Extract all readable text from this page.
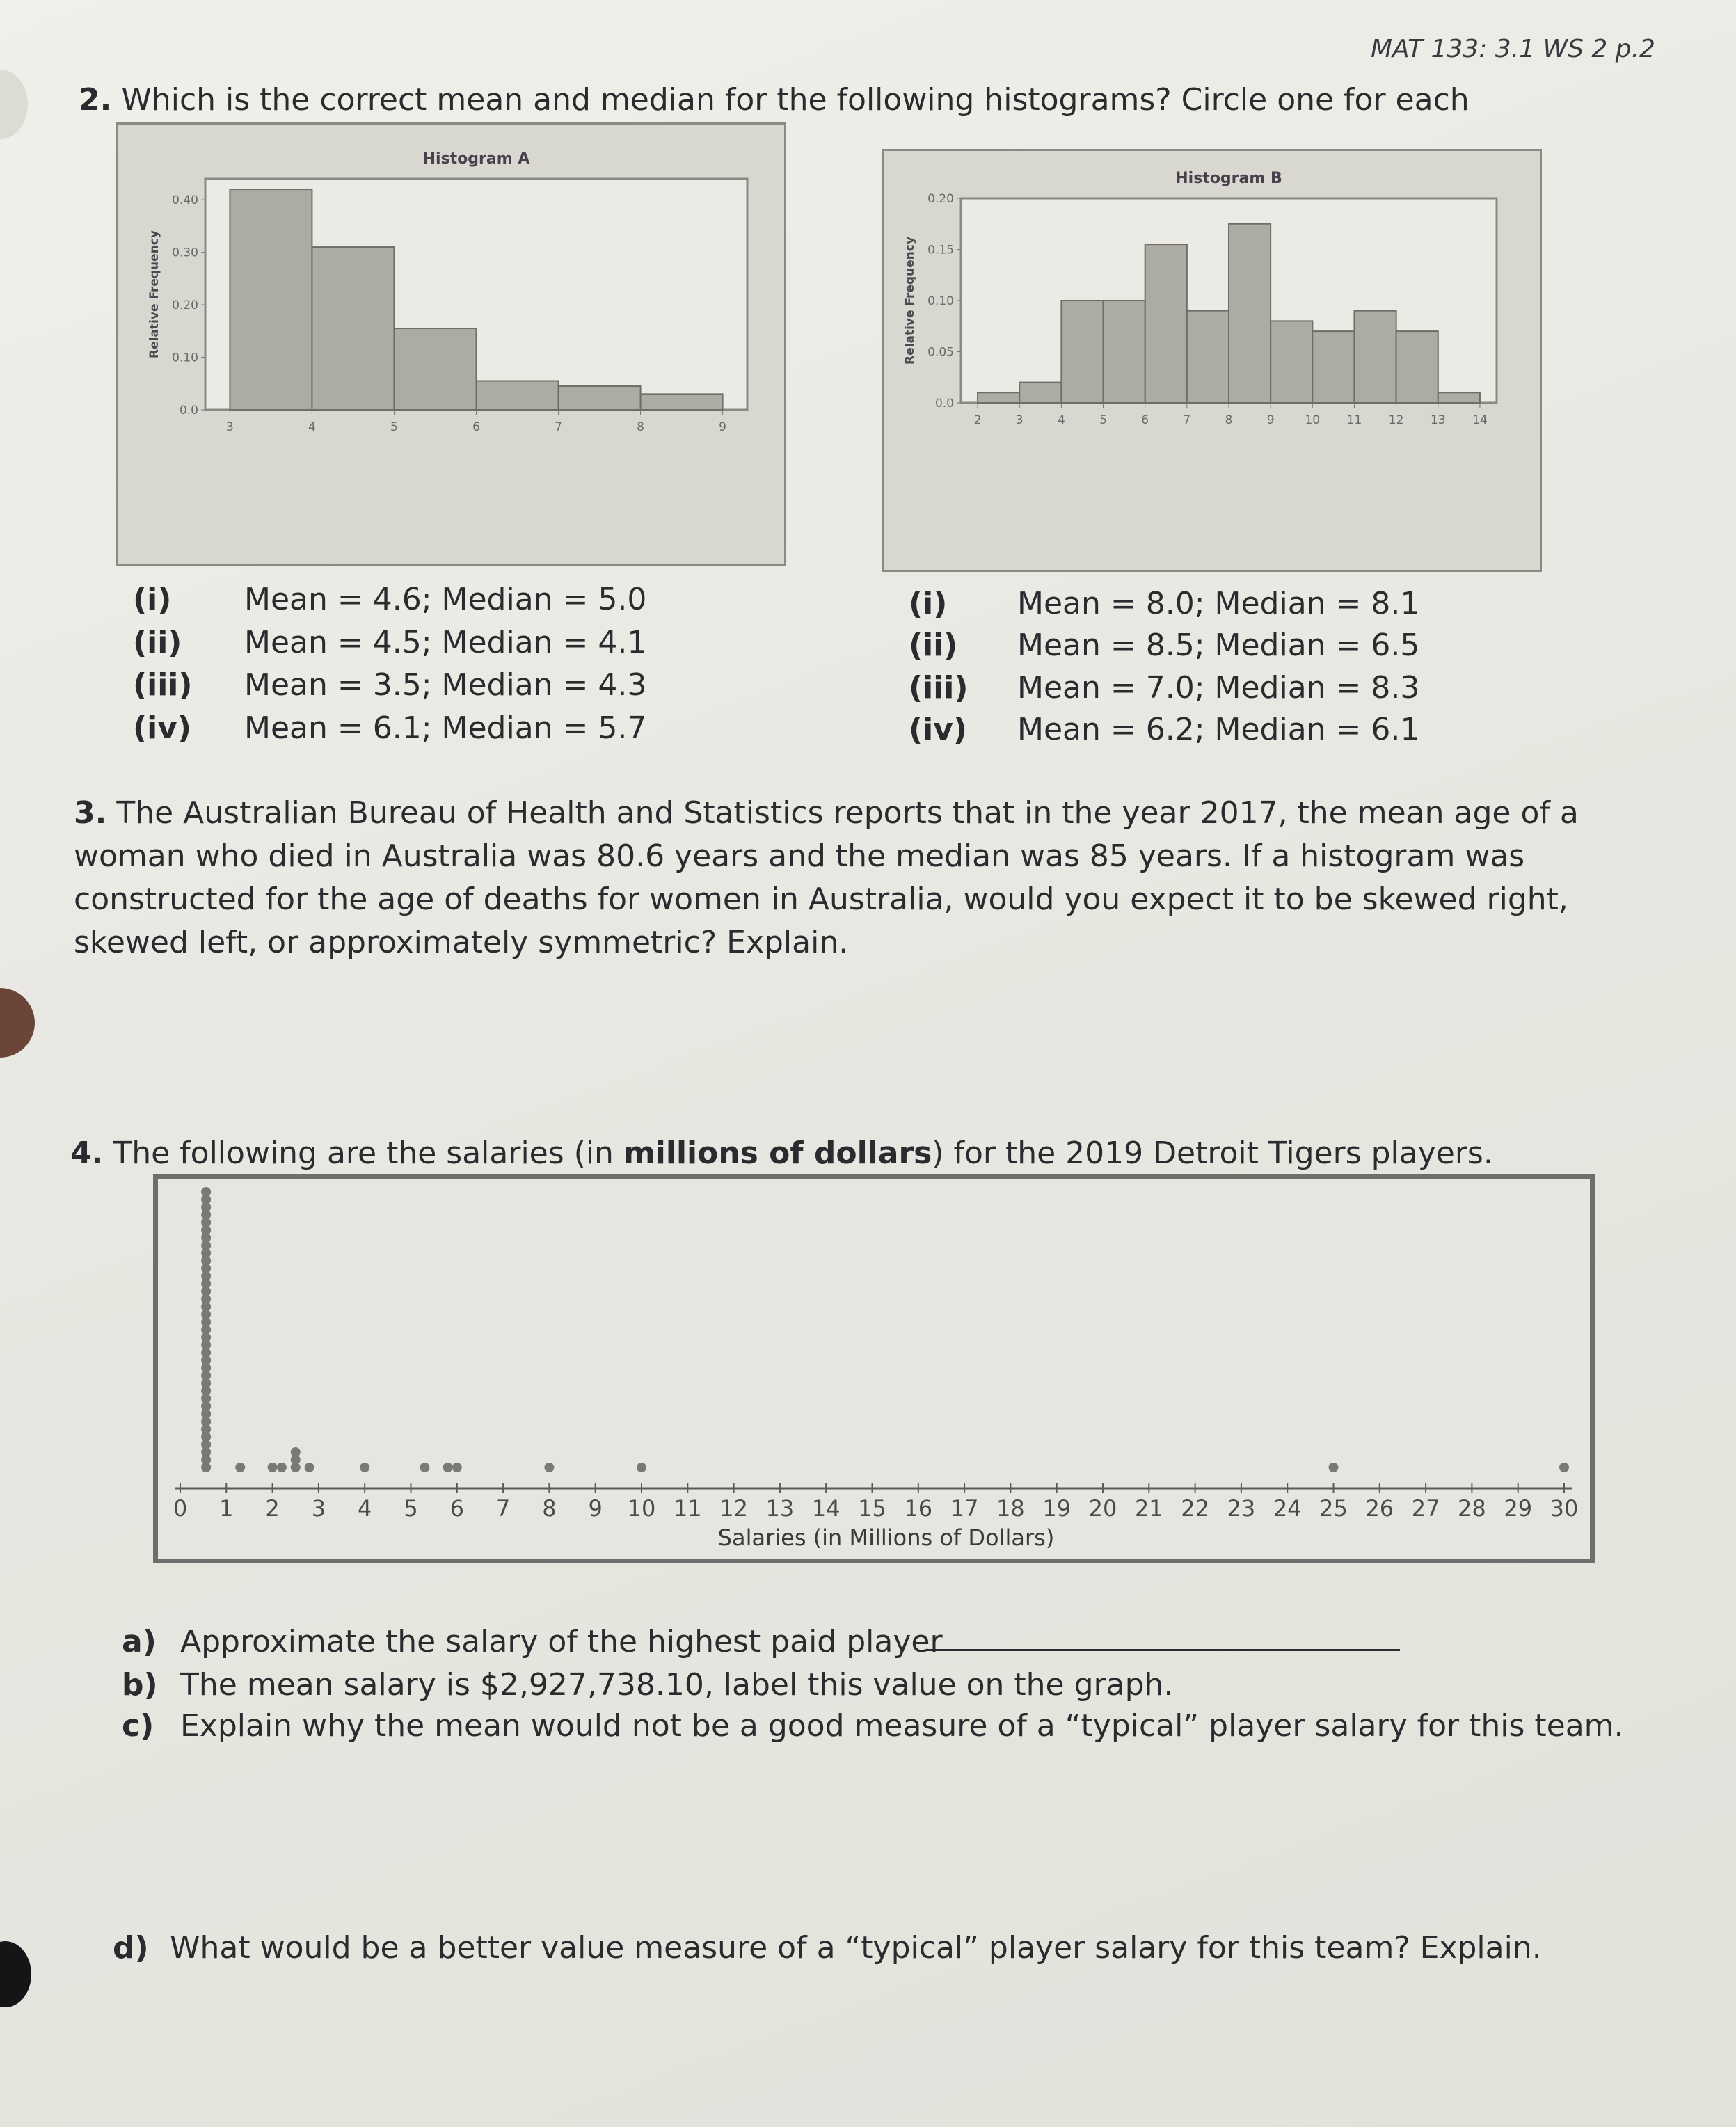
MAT 133: 3.1 WS 2 p.2
2. Which is the correct mean and median for the following histograms? Circle one for each
Histogram A
Relative Frequency
0.0
0.10
0.20
0.30
0.40
3	4	5	6	7	8	9
Histogram B
Relative Frequency
0.0
0.05
0.10
0.15
0.20
2	3	4	5	6	7	8	9	10 11 12 13 14
(i) Mean = 4.6; Median = 5.0
(ii) Mean = 4.5; Median = 4.1
(iii) Mean = 3.5; Median = 4.3
(iv) Mean = 6.1; Median = 5.7
(i) Mean = 8.0; Median = 8.1
(ii) Mean = 8.5; Median = 6.5
(iii) Mean = 7.0; Median = 8.3
(iv) Mean = 6.2; Median = 6.1
3. The Australian Bureau of Health and Statistics reports that in the year 2017, the mean age of a woman who died in Australia was 80.6 years and the median was 85 years. If a histogram was constructed for the age of deaths for women in Australia, would you expect it to be skewed right, skewed left, or approximately symmetric? Explain.
4. The following are the salaries (in millions of dollars) for the 2019 Detroit Tigers players.
0 1 2 3 4 5 6 7 8 9 10 11 12 13 14 15 16 17 18 19 20 21 22 23 24 25 26 27 28 29 30
Salaries (in Millions of Dollars)
a) Approximate the salary of the highest paid player
b) The mean salary is $2,927,738.10, label this value on the graph.
c) Explain why the mean would not be a good measure of a “typical” player salary for this team.
d) What would be a better value measure of a “typical” player salary for this team? Explain.
